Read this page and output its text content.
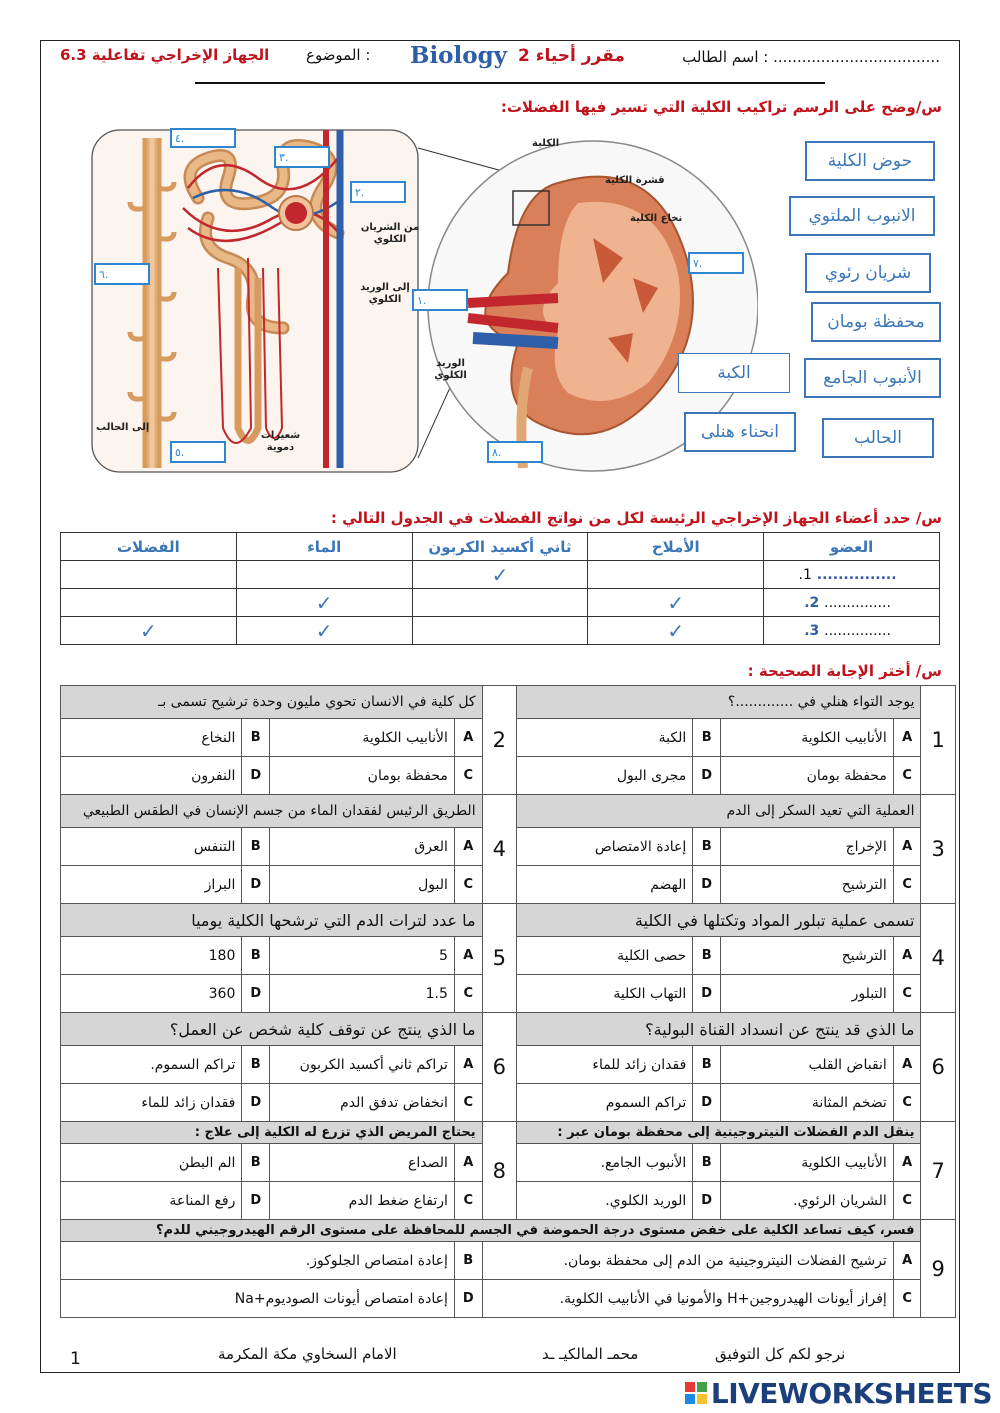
اسم الطالب : ...................................
مقرر أحياء 2
Biology
الموضوع :
6.3 الجهاز الإخراجي تفاعلية
س/وضح على الرسم تراكيب الكلية التي تسير فيها الفضلات:
الكلية
قشرة الكلية
نخاع الكلية
من الشريان الكلوي
إلى الوريد الكلوي
الوريد الكلوي
إلى الحالب
شعيرات دموية
١.
٢.
٣.
٤.
٥.
٦.
٧.
٨.
حوض الكلية
الانبوب الملتوي
شريان رئوي
محفظة بومان
الكبة	الأنبوب الجامع
انحناء هنلى	الحالب
س/ حدد أعضاء الجهاز الإخراجي الرئيسة لكل من نواتج الفضلات في الجدول التالي :
الفضلات	الماء	ثاني أكسيد الكربون	الأملاح	العضو
		✓		............... 1.
	✓		✓	............... 2.
✓	✓		✓	............... 3.
س/ أختر الإجابة الصحيحة :
كل كلية في الانسان تحوي مليون وحدة ترشيح تسمى بـ				2	يوجد التواء هنلي في .............؟				1
النخاع	B	الأنابيب الكلوية	A		الكبة	B	الأنابيب الكلوية	A	
النفرون	D	محفظة بومان	C		مجرى البول	D	محفظة بومان	C	
الطريق الرئيس لفقدان الماء من جسم الإنسان في الطقس الطبيعي				4	العملية التي تعيد السكر إلى الدم				3
التنفس	B	العرق	A		إعادة الامتصاص	B	الإخراج	A	
البراز	D	البول	C		الهضم	D	الترشيح	C	
ما عدد لترات الدم التي ترشحها الكلية يوميا				5	تسمى عملية تبلور المواد وتكتلها في الكلية				4
180	B	5	A		حصى الكلية	B	الترشيح	A	
360	D	1.5	C		التهاب الكلية	D	التبلور	C	
ما الذي ينتج عن توقف كلية شخص عن العمل؟				6	ما الذي قد ينتج عن انسداد القناة البولية؟				6
تراكم السموم.	B	تراكم ثاني أكسيد الكربون	A		فقدان زائد للماء	B	انقباض القلب	A	
فقدان زائد للماء	D	انخفاض تدفق الدم	C		تراكم السموم	D	تضخم المثانة	C	
يحتاج المريض الذي تزرع له الكلية إلى علاج :				8	ينقل الدم الفضلات النيتروجينية إلى محفظة بومان عبر :				7
الم البطن	B	الصداع	A		الأنبوب الجامع.	B	الأنابيب الكلوية	A	
رفع المناعة	D	ارتفاع ضغط الدم	C		الوريد الكلوي.	D	الشريان الرئوي.	C	
فسر، كيف تساعد الكلية على خفض مستوى درجة الحموضة في الجسم للمحافظة على مستوى الرقم الهيدروجيني للدم؟									9
إعادة امتصاص الجلوكوز.			B	ترشيح الفضلات النيتروجينية من الدم إلى محفظة بومان.				A	
إعادة امتصاص أيونات الصوديوم+Na			D	إفراز أيونات الهيدروجين+H والأمونيا في الأنابيب الكلوية.				C	
1	الامام السخاوي مكة المكرمة	محمـ المالكيـ ـد	نرجو لكم كل التوفيق
LIVEWORKSHEETS
